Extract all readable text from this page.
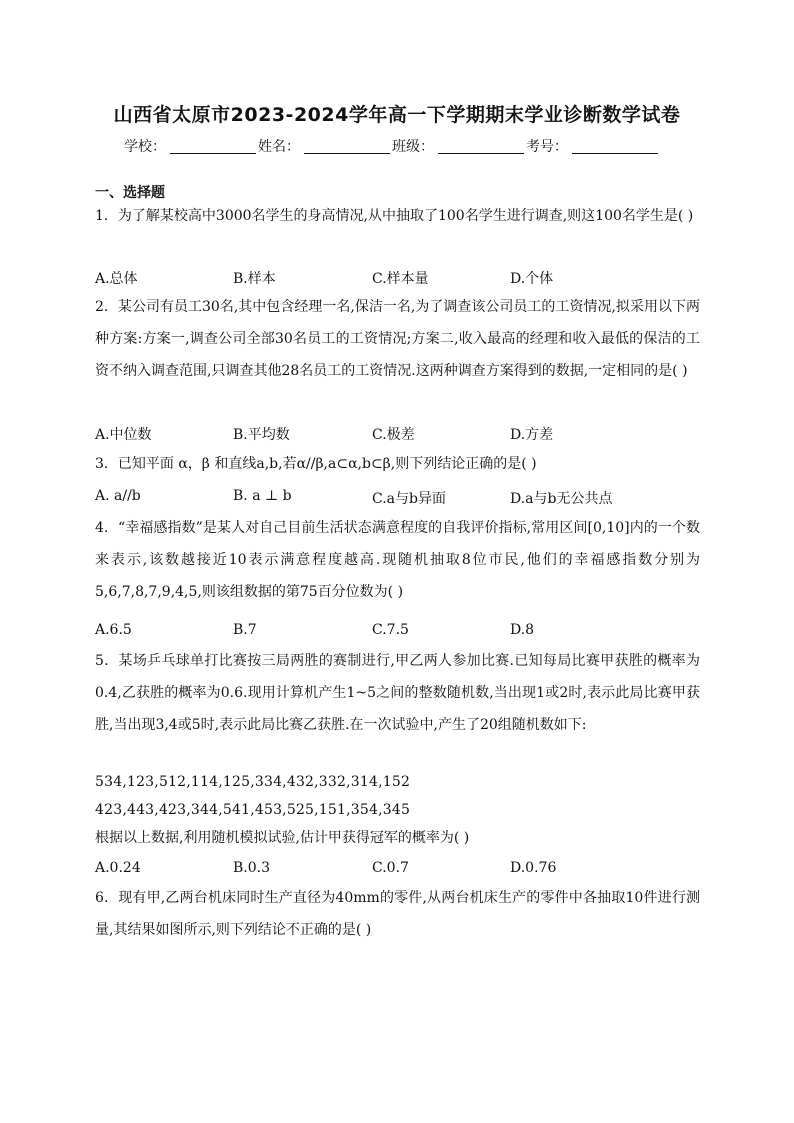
山西省太原市2023-2024学年高一下学期期末学业诊断数学试卷
学校：	姓名：	班级：	考号：
一、选择题
1．为了解某校高中3000名学生的身高情况,从中抽取了100名学生进行调查,则这100名学生是( )
A.总体	B.样本	C.样本量	D.个体
2．某公司有员工30名,其中包含经理一名,保洁一名,为了调查该公司员工的工资情况,拟采用以下两种方案:方案一,调查公司全部30名员工的工资情况;方案二,收入最高的经理和收入最低的保洁的工资不纳入调查范围,只调查其他28名员工的工资情况.这两种调查方案得到的数据,一定相同的是( )
A.中位数	B.平均数	C.极差	D.方差
3．已知平面 α，β 和直线a,b,若α//β,a⊂α,b⊂β,则下列结论正确的是( )
A. a//b	B. a ⊥ b	C.a与b异面	D.a与b无公共点
4．“幸福感指数”是某人对自己目前生活状态满意程度的自我评价指标,常用区间[0,10]内的一个数来表示,该数越接近10表示满意程度越高.现随机抽取8位市民,他们的幸福感指数分别为5,6,7,8,7,9,4,5,则该组数据的第75百分位数为( )
A.6.5	B.7	C.7.5	D.8
5．某场乒乓球单打比赛按三局两胜的赛制进行,甲乙两人参加比赛.已知每局比赛甲获胜的概率为0.4,乙获胜的概率为0.6.现用计算机产生1~5之间的整数随机数,当出现1或2时,表示此局比赛甲获胜,当出现3,4或5时,表示此局比赛乙获胜.在一次试验中,产生了20组随机数如下:
534,123,512,114,125,334,432,332,314,152
423,443,423,344,541,453,525,151,354,345
根据以上数据,利用随机模拟试验,估计甲获得冠军的概率为( )
A.0.24	B.0.3	C.0.7	D.0.76
6．现有甲,乙两台机床同时生产直径为40mm的零件,从两台机床生产的零件中各抽取10件进行测量,其结果如图所示,则下列结论不正确的是( )
